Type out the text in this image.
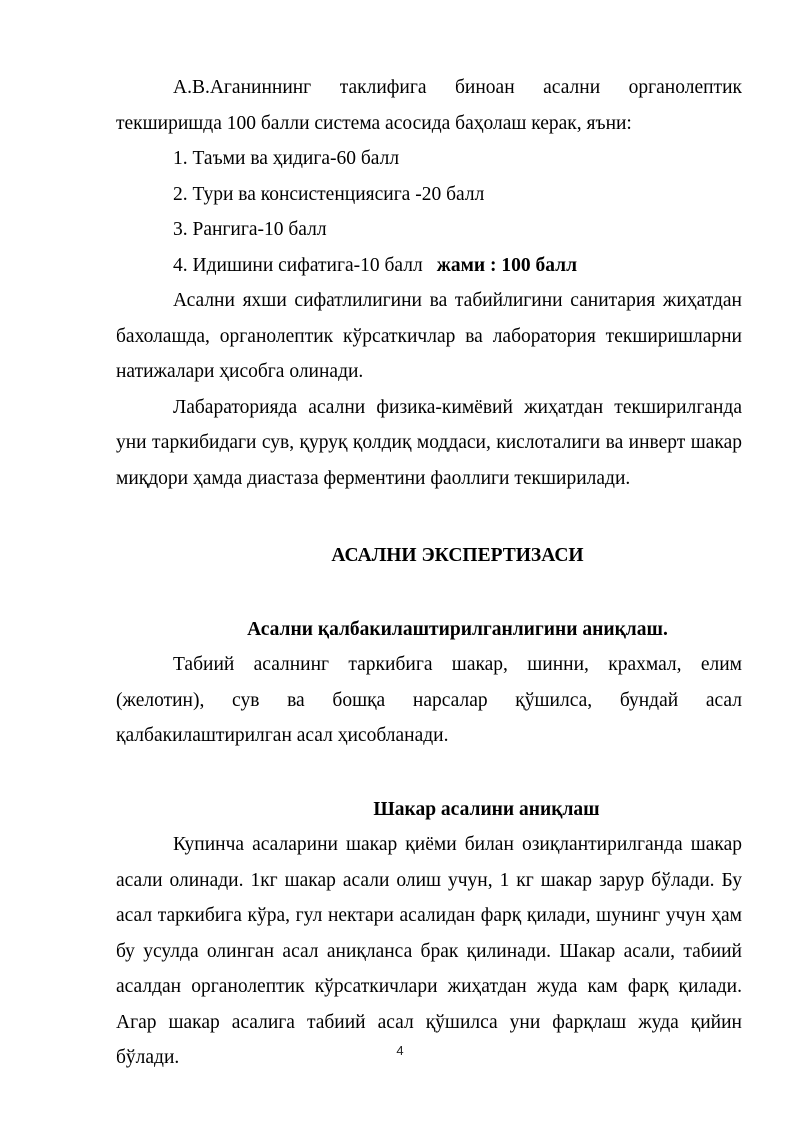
А.В.Аганиннинг таклифига биноан асални органолептик текширишда 100 балли система асосида баҳолаш керак, яъни:

1. Таъми ва ҳидига-60 балл

2. Тури ва консистенциясига -20 балл

3. Рангига-10 балл

4. Идишини сифатига-10 балл жами : 100 балл

Асални яхши сифатлилигини ва табийлигини санитария жиҳатдан бахолашда, органолептик кўрсаткичлар ва лаборатория текширишларни натижалари ҳисобга олинади.

Лабараторияда асални физика-кимёвий жиҳатдан текширилганда уни таркибидаги сув, қуруқ қолдиқ моддаси, кислоталиги ва инверт шакар миқдори ҳамда диастаза ферментини фаоллиги текширилади.

АСАЛНИ ЭКСПЕРТИЗАСИ

Асални қалбакилаштирилганлигини аниқлаш.

Табиий асалнинг таркибига шакар, шинни, крахмал, елим (желотин), сув ва бошқа нарсалар қўшилса, бундай асал қалбакилаштирилган асал ҳисобланади.

Шакар асалини аниқлаш

Купинча асаларини шакар қиёми билан озиқлантирилганда шакар асали олинади. 1кг шакар асали олиш учун, 1 кг шакар зарур бўлади. Бу асал таркибига кўра, гул нектари асалидан фарқ қилади, шунинг учун ҳам бу усулда олинган асал аниқланса брак қилинади. Шакар асали, табиий асалдан органолептик кўрсаткичлари жиҳатдан жуда кам фарқ қилади. Агар шакар асалига табиий асал қўшилса уни фарқлаш жуда қийин бўлади.	4
